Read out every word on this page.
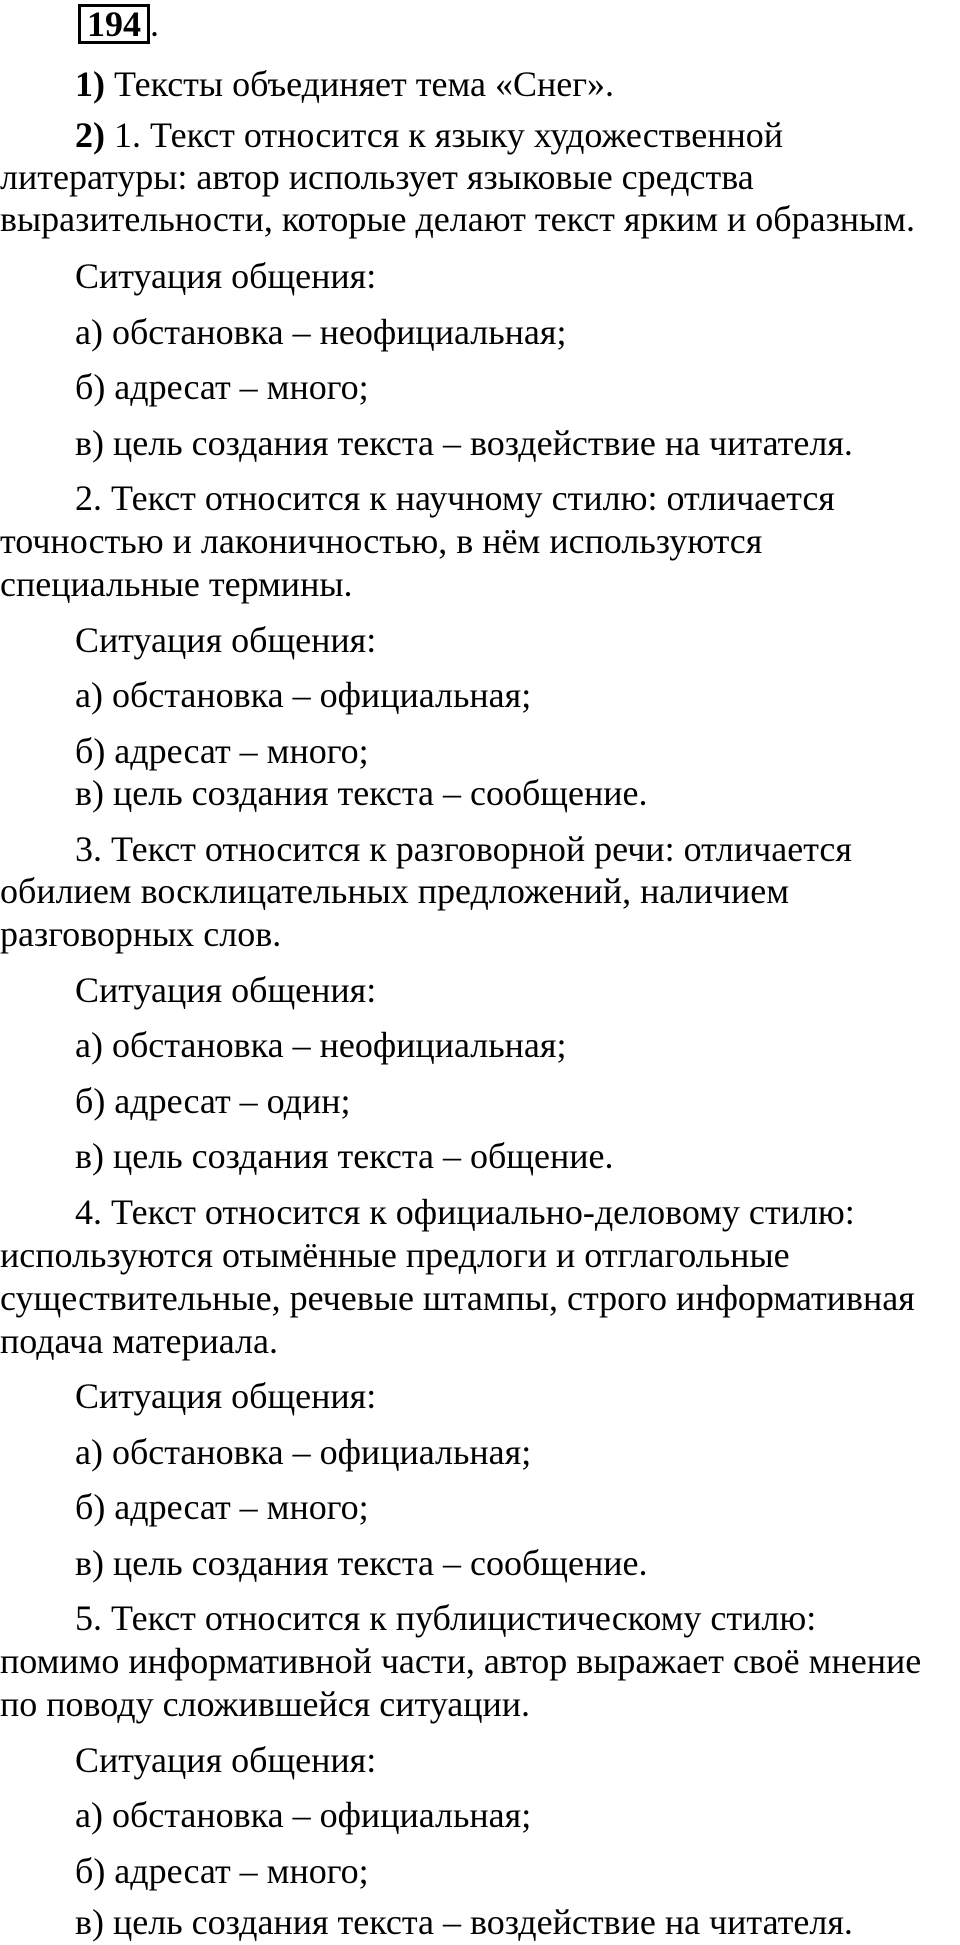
194 .
1) Тексты объединяет тема «Снег».
2) 1. Текст относится к языку художественной
литературы: автор использует языковые средства
выразительности, которые делают текст ярким и образным.
Ситуация общения:
а) обстановка – неофициальная;
б) адресат – много;
в) цель создания текста – воздействие на читателя.
2. Текст относится к научному стилю: отличается
точностью и лаконичностью, в нём используются
специальные термины.
Ситуация общения:
а) обстановка – официальная;
б) адресат – много;
в) цель создания текста – сообщение.
3. Текст относится к разговорной речи: отличается
обилием восклицательных предложений, наличием
разговорных слов.
Ситуация общения:
а) обстановка – неофициальная;
б) адресат – один;
в) цель создания текста – общение.
4. Текст относится к официально-деловому стилю:
используются отымённые предлоги и отглагольные
существительные, речевые штампы, строго информативная
подача материала.
Ситуация общения:
а) обстановка – официальная;
б) адресат – много;
в) цель создания текста – сообщение.
5. Текст относится к публицистическому стилю:
помимо информативной части, автор выражает своё мнение
по поводу сложившейся ситуации.
Ситуация общения:
а) обстановка – официальная;
б) адресат – много;
в) цель создания текста – воздействие на читателя.
